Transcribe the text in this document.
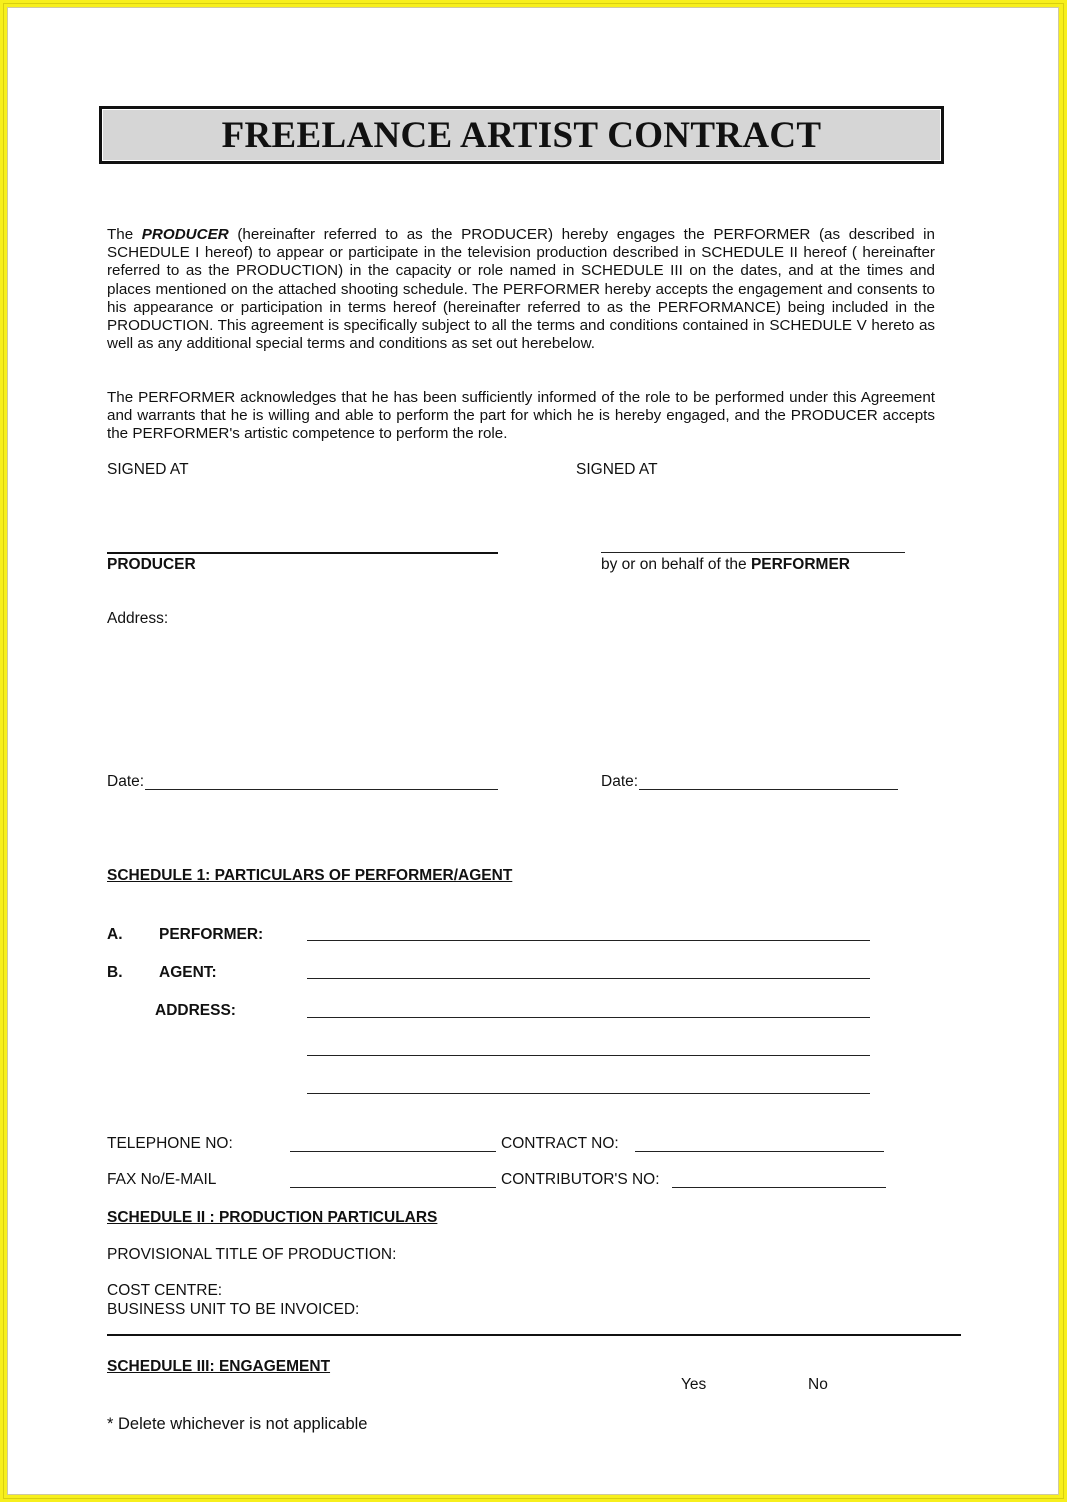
FREELANCE ARTIST CONTRACT
The PRODUCER (hereinafter referred to as the PRODUCER) hereby engages the PERFORMER (as described in SCHEDULE I hereof) to appear or participate in the television production described in SCHEDULE II hereof ( hereinafter referred to as the PRODUCTION) in the capacity or role named in SCHEDULE III on the dates, and at the times and places mentioned on the attached shooting schedule. The PERFORMER hereby accepts the engagement and consents to his appearance or participation in terms hereof (hereinafter referred to as the PERFORMANCE) being included in the PRODUCTION. This agreement is specifically subject to all the terms and conditions contained in SCHEDULE V hereto as well as any additional special terms and conditions as set out herebelow.
The PERFORMER acknowledges that he has been sufficiently informed of the role to be performed under this Agreement and warrants that he is willing and able to perform the part for which he is hereby engaged, and the PRODUCER accepts the PERFORMER's artistic competence to perform the role.
SIGNED AT	SIGNED AT
PRODUCER	by or on behalf of the PERFORMER
Address:
Date:	Date:
SCHEDULE 1: PARTICULARS OF PERFORMER/AGENT
A. PERFORMER:
B. AGENT:
ADDRESS:
TELEPHONE NO:	CONTRACT NO:
FAX No/E-MAIL	CONTRIBUTOR'S NO:
SCHEDULE II : PRODUCTION PARTICULARS
PROVISIONAL TITLE OF PRODUCTION:
COST CENTRE:
BUSINESS UNIT TO BE INVOICED:
SCHEDULE III: ENGAGEMENT
Yes	No
* Delete whichever is not applicable
